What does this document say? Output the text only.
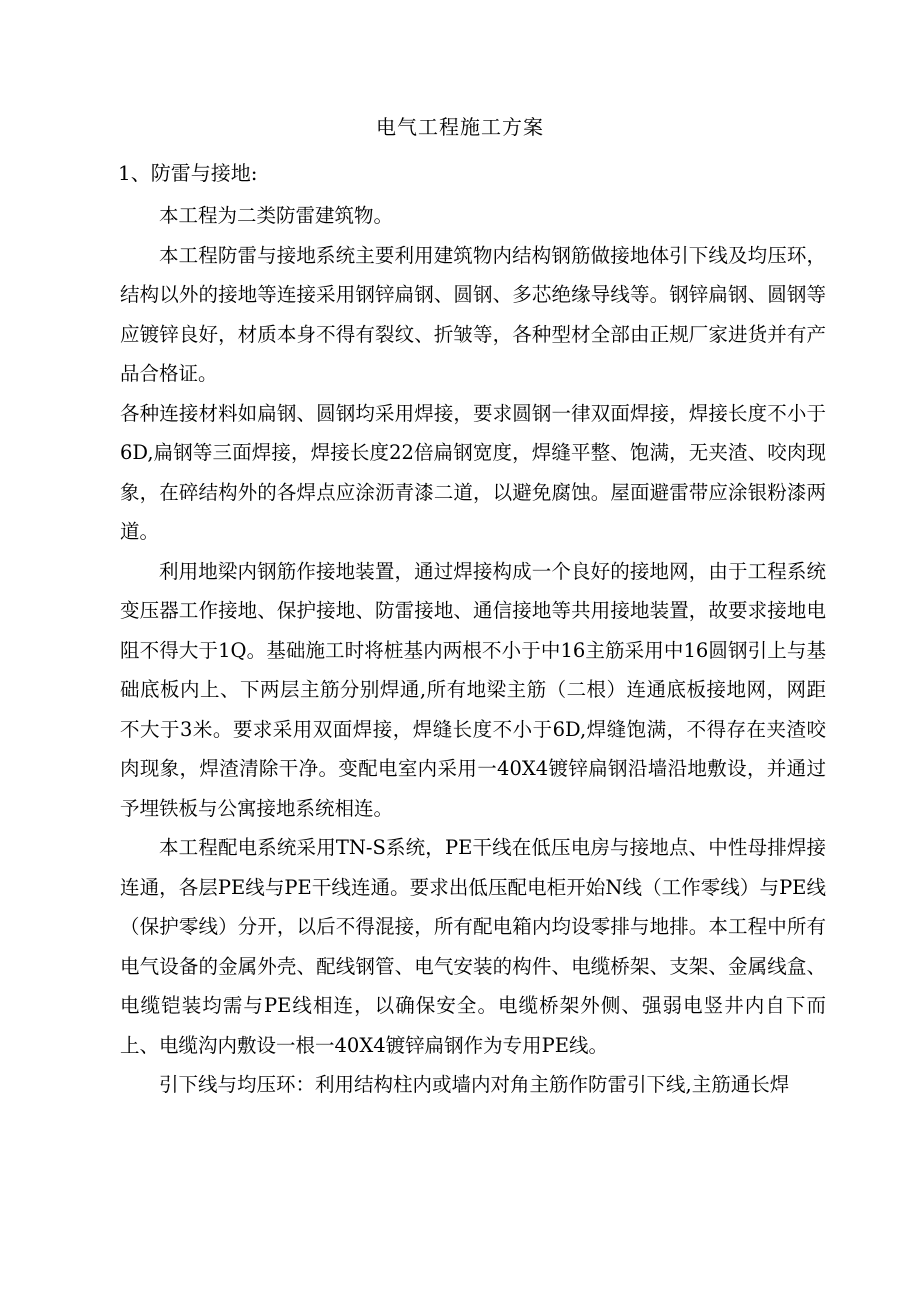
电气工程施工方案
1、防雷与接地:

本工程为二类防雷建筑物。

本工程防雷与接地系统主要利用建筑物内结构钢筋做接地体引下线及均压环，结构以外的接地等连接采用钢锌扁钢、圆钢、多芯绝缘导线等。钢锌扁钢、圆钢等应镀锌良好，材质本身不得有裂纹、折皱等，各种型材全部由正规厂家进货并有产品合格证。

各种连接材料如扁钢、圆钢均采用焊接，要求圆钢一律双面焊接，焊接长度不小于6D,扁钢等三面焊接，焊接长度22倍扁钢宽度，焊缝平整、饱满，无夹渣、咬肉现象，在碎结构外的各焊点应涂沥青漆二道，以避免腐蚀。屋面避雷带应涂银粉漆两道。

利用地梁内钢筋作接地装置，通过焊接构成一个良好的接地网，由于工程系统变压器工作接地、保护接地、防雷接地、通信接地等共用接地装置，故要求接地电阻不得大于1Q。基础施工时将桩基内两根不小于中16主筋采用中16圆钢引上与基础底板内上、下两层主筋分别焊通,所有地梁主筋（二根）连通底板接地网，网距不大于3米。要求采用双面焊接，焊缝长度不小于6D,焊缝饱满，不得存在夹渣咬肉现象，焊渣清除干净。变配电室内采用一40X4镀锌扁钢沿墙沿地敷设，并通过予埋铁板与公寓接地系统相连。

本工程配电系统采用TN-S系统，PE干线在低压电房与接地点、中性母排焊接连通，各层PE线与PE干线连通。要求出低压配电柜开始N线（工作零线）与PE线（保护零线）分开，以后不得混接，所有配电箱内均设零排与地排。本工程中所有电气设备的金属外壳、配线钢管、电气安装的构件、电缆桥架、支架、金属线盒、电缆铠装均需与PE线相连，以确保安全。电缆桥架外侧、强弱电竖井内自下而上、电缆沟内敷设一根一40X4镀锌扁钢作为专用PE线。

引下线与均压环：利用结构柱内或墙内对角主筋作防雷引下线,主筋通长焊
